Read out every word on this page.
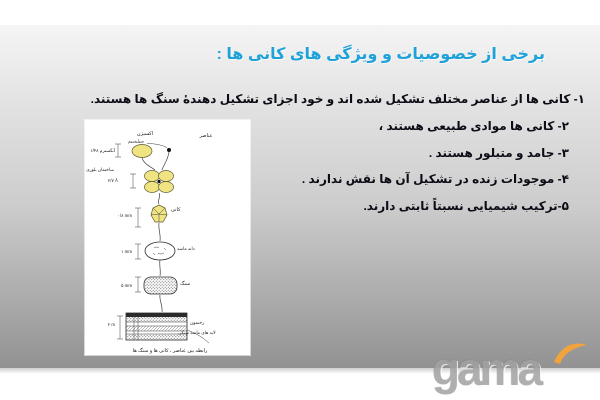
برخی از خصوصیات و ویژگی های کانی ها :
۱- کانی ها از عناصر مختلف تشکیل شده اند و خود اجزای تشکیل دهندۀ سنگ ها هستند.
۲- کانی ها موادی طبیعی هستند ،
۳- جامد و متبلور هستند .
۴- موجودات زنده در تشکیل آن ها نقش ندارند .
۵-ترکیب شیمیایی نسبتاً ثابتی دارند.
عناصر
اکسیژن
سیلیسیم
۱/۴۸ آنگسترم
ساختمان بلوری
۲/۷ Å
کانی
۰/۸ mm
دانه ماسه
۱ mm
سنگ
۵ mm
رخنمون
لایه های ماسه سنگی
۲ m
رابطه بین عناصر ، کانی ها و سنگ ها	gama
